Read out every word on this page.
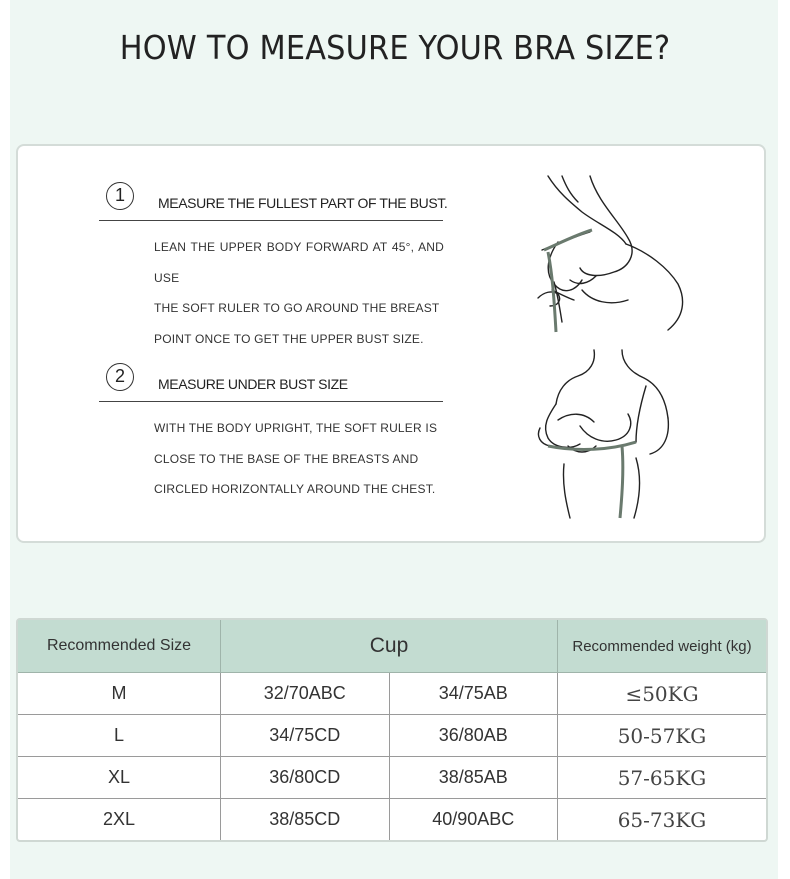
HOW TO MEASURE YOUR BRA SIZE?
1	MEASURE THE FULLEST PART OF THE BUST.
LEAN THE UPPER BODY FORWARD AT 45°, AND USE
THE SOFT RULER TO GO AROUND THE BREAST
POINT ONCE TO GET THE UPPER BUST SIZE.
2	MEASURE UNDER BUST SIZE
WITH THE BODY UPRIGHT, THE SOFT RULER IS
CLOSE TO THE BASE OF THE BREASTS AND
CIRCLED HORIZONTALLY AROUND THE CHEST.
Recommended Size	Cup		Recommended weight (kg)
M	32/70ABC	34/75AB	≤50KG
L	34/75CD	36/80AB	50-57KG
XL	36/80CD	38/85AB	57-65KG
2XL	38/85CD	40/90ABC	65-73KG
